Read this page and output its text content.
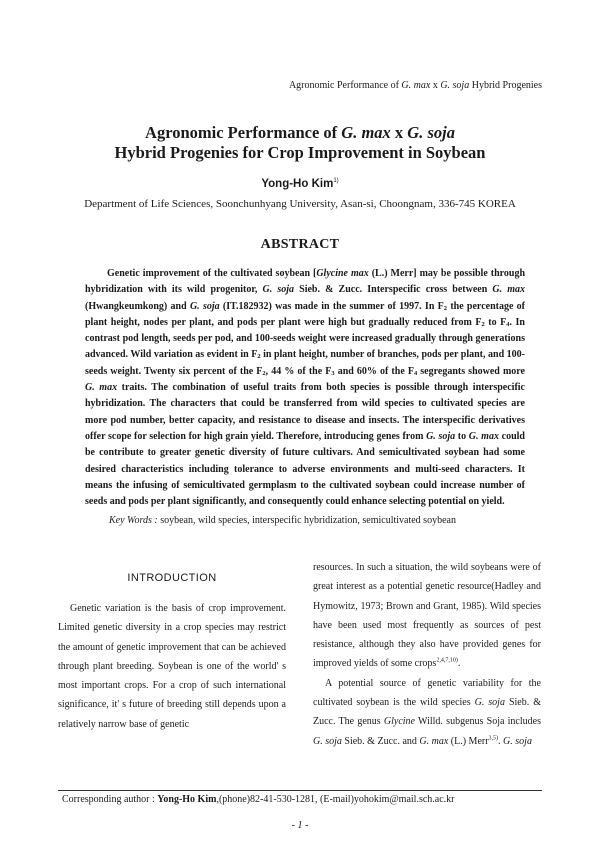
Agronomic Performance of G. max x G. soja Hybrid Progenies
Agronomic Performance of G. max x G. soja
Hybrid Progenies for Crop Improvement in Soybean
Yong-Ho Kim$^{1)}$
Department of Life Sciences, Soonchunhyang University, Asan-si, Choongnam, 336-745 KOREA
ABSTRACT

Genetic improvement of the cultivated soybean [Glycine max (L.) Merr] may be possible through hybridization with its wild progenitor, G. soja Sieb. & Zucc. Interspecific cross between G. max (Hwangkeumkong) and G. soja (IT.182932) was made in the summer of 1997. In F2 the percentage of plant height, nodes per plant, and pods per plant were high but gradually reduced from F2 to F4. In contrast pod length, seeds per pod, and 100-seeds weight were increased gradually through generations advanced. Wild variation as evident in F2 in plant height, number of branches, pods per plant, and 100-seeds weight. Twenty six percent of the F2, 44 % of the F3 and 60% of the F4 segregants showed more G. max traits. The combination of useful traits from both species is possible through interspecific hybridization. The characters that could be transferred from wild species to cultivated species are more pod number, better capacity, and resistance to disease and insects. The interspecific derivatives offer scope for selection for high grain yield. Therefore, introducing genes from G. soja to G. max could be contribute to greater genetic diversity of future cultivars. And semicultivated soybean had some desired characteristics including tolerance to adverse environments and multi-seed characters. It means the infusing of semicultivated germplasm to the cultivated soybean could increase number of seeds and pods per plant significantly, and consequently could enhance selecting potential on yield.

Key Words : soybean, wild species, interspecific hybridization, semicultivated soybean
INTRODUCTION

Genetic variation is the basis of crop improvement. Limited genetic diversity in a crop species may restrict the amount of genetic improvement that can be achieved through plant breeding. Soybean is one of the world' s most important crops. For a crop of such international significance, it' s future of breeding still depends upon a relatively narrow base of genetic

resources. In such a situation, the wild soybeans were of great interest as a potential genetic resource(Hadley and Hymowitz, 1973; Brown and Grant, 1985). Wild species have been used most frequently as sources of pest resistance, although they also have provided genes for improved yields of some crops$^{2,4,7,10)}$.

A potential source of genetic variability for the cultivated soybean is the wild species G. soja Sieb. & Zucc. The genus Glycine Willd. subgenus Soja includes G. soja Sieb. & Zucc. and G. max (L.) Merr$^{3,5)}$. G. soja

Corresponding author : Yong-Ho Kim,(phone)82-41-530-1281, (E-mail)yohokim@mail.sch.ac.kr
- 1 -
